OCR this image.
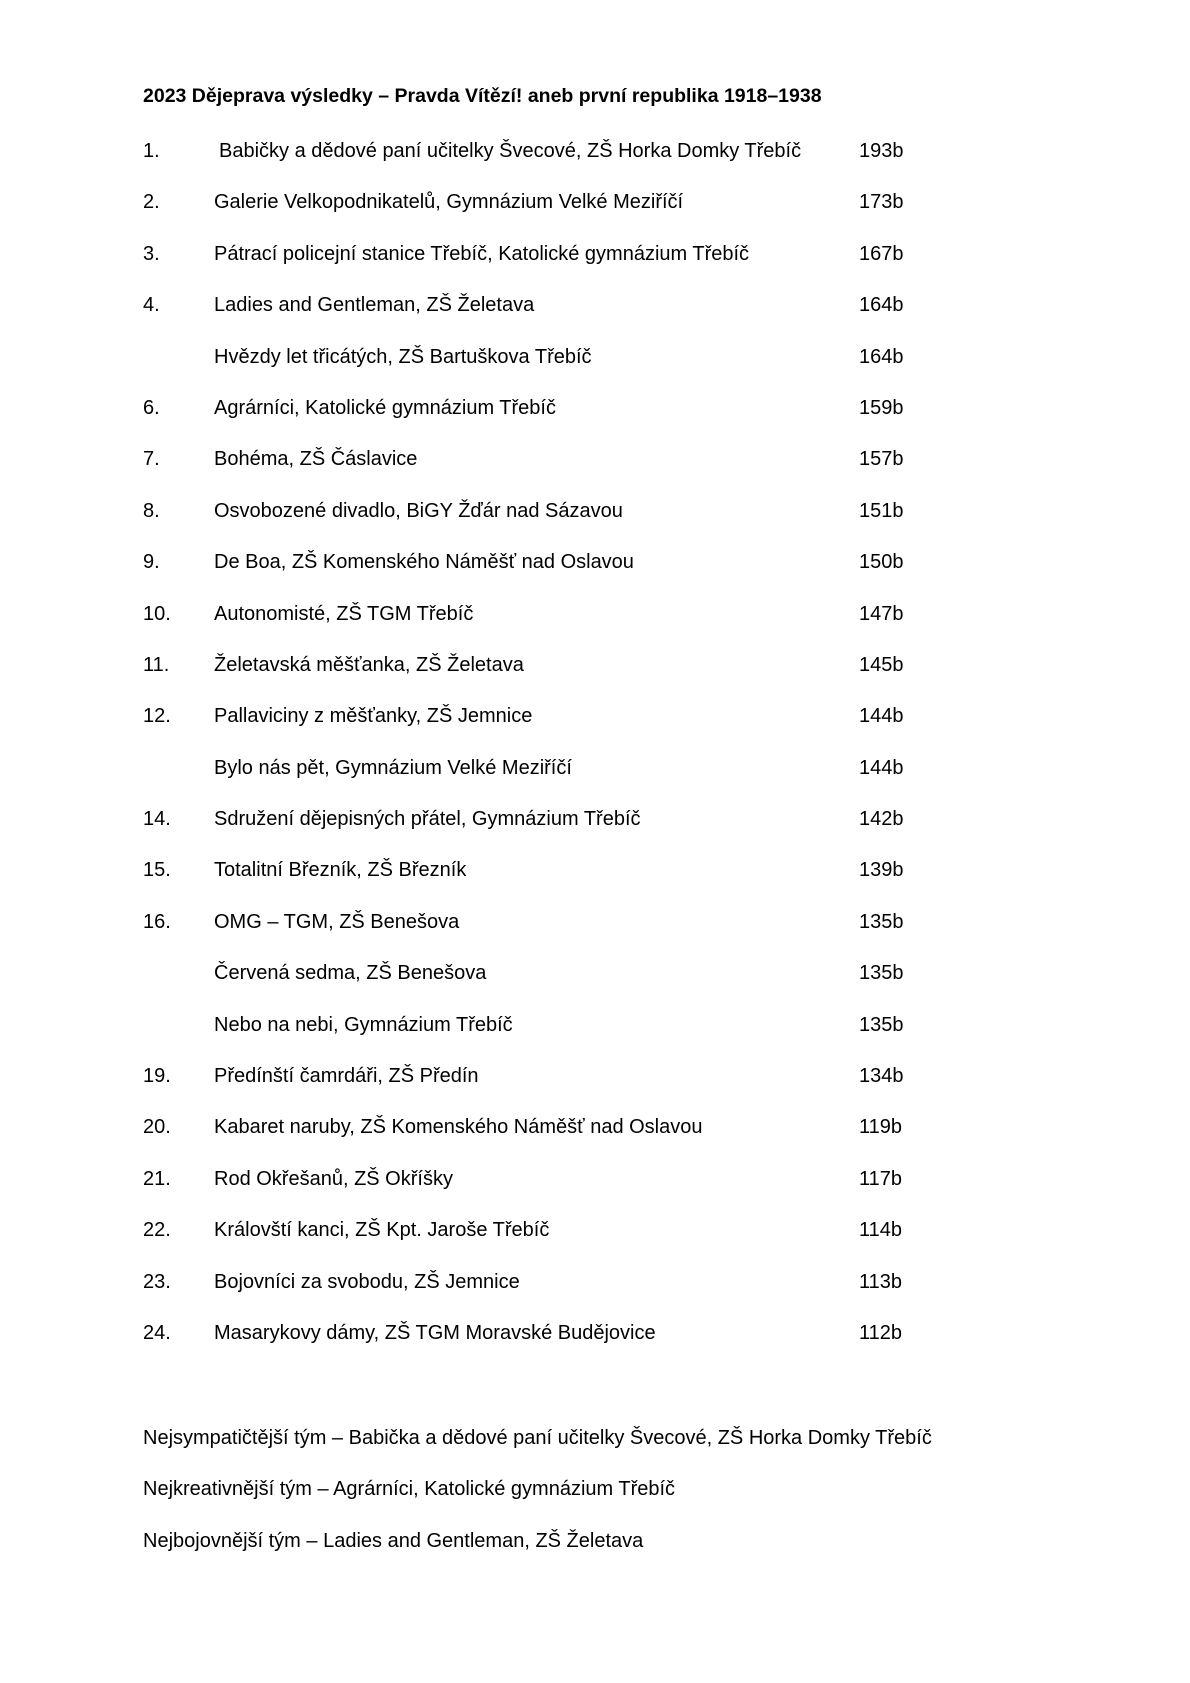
2023 Dějeprava výsledky – Pravda Vítězí! aneb první republika 1918–1938
1.	Babičky a dědové paní učitelky Švecové, ZŠ Horka Domky Třebíč	193b
2.	Galerie Velkopodnikatelů, Gymnázium Velké Meziříčí	173b
3.	Pátrací policejní stanice Třebíč, Katolické gymnázium Třebíč	167b
4.	Ladies and Gentleman, ZŠ Želetava	164b
Hvězdy let třicátých, ZŠ Bartuškova Třebíč	164b
6.	Agrárníci, Katolické gymnázium Třebíč	159b
7.	Bohéma, ZŠ Čáslavice	157b
8.	Osvobozené divadlo, BiGY Žďár nad Sázavou	151b
9.	De Boa, ZŠ Komenského Náměšť nad Oslavou	150b
10. Autonomisté, ZŠ TGM Třebíč	147b
11. Želetavská měšťanka, ZŠ Želetava	145b
12. Pallaviciny z měšťanky, ZŠ Jemnice	144b
Bylo nás pět, Gymnázium Velké Meziříčí	144b
14. Sdružení dějepisných přátel, Gymnázium Třebíč	142b
15. Totalitní Březník, ZŠ Březník	139b
16. OMG – TGM, ZŠ Benešova	135b
Červená sedma, ZŠ Benešova	135b
Nebo na nebi, Gymnázium Třebíč	135b
19. Předínští čamrdáři, ZŠ Předín	134b
20. Kabaret naruby, ZŠ Komenského Náměšť nad Oslavou	119b
21. Rod Okřešanů, ZŠ Okříšky	117b
22. Královští kanci, ZŠ Kpt. Jaroše Třebíč	114b
23. Bojovníci za svobodu, ZŠ Jemnice	113b
24. Masarykovy dámy, ZŠ TGM Moravské Budějovice	112b
Nejsympatičtější tým – Babička a dědové paní učitelky Švecové, ZŠ Horka Domky Třebíč
Nejkreativnější tým – Agrárníci, Katolické gymnázium Třebíč
Nejbojovnější tým – Ladies and Gentleman, ZŠ Želetava
